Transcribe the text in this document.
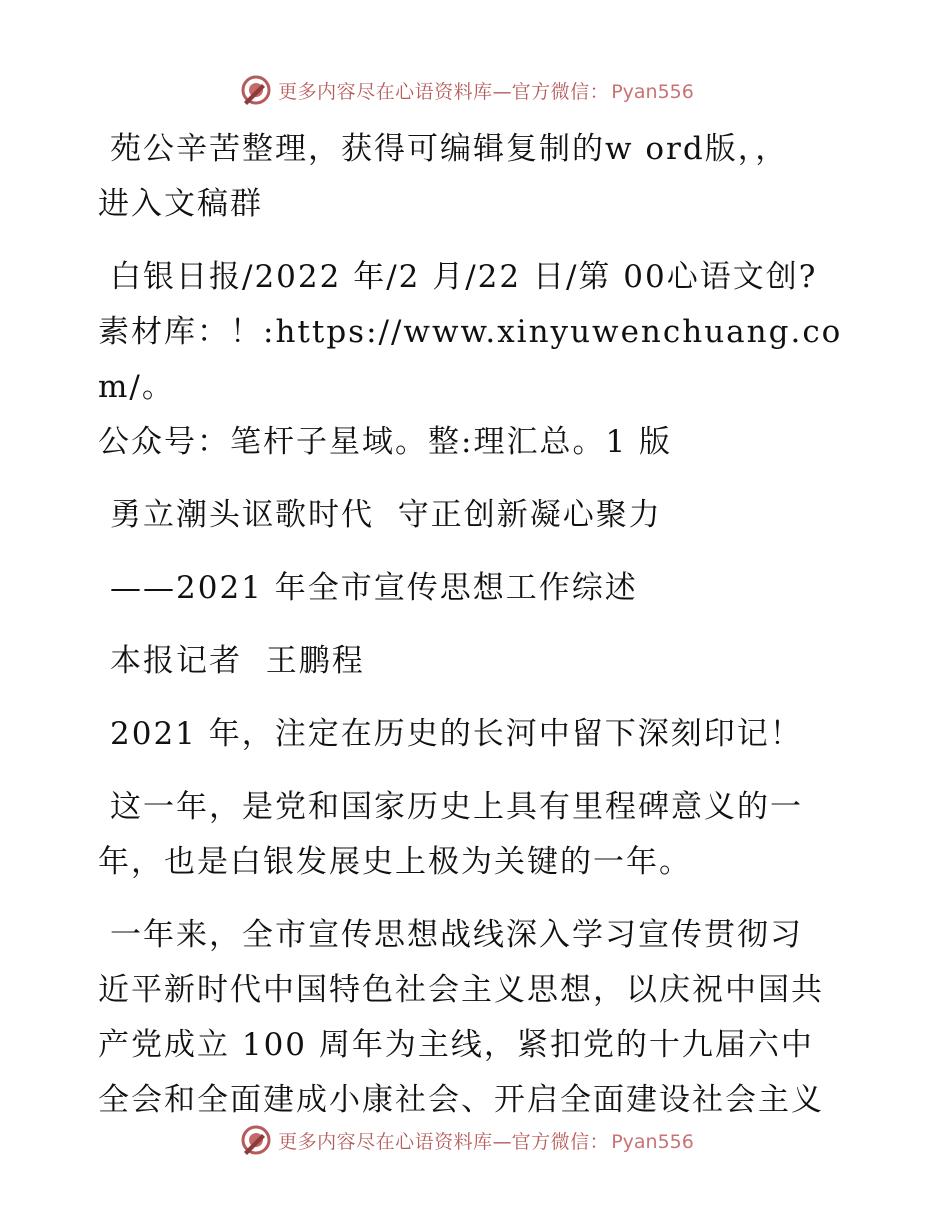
更多内容尽在心语资料库—官方微信： Pyan556
苑公辛苦整理，获得可编辑复制的w ord版，，
进入文稿群
白银日报/2022 年/2 月/22 日/第 00心语文创?
素材库：！:https://www.xinyuwenchuang.com/。
公众号：笔杆子星域。整:理汇总。1 版
勇立潮头讴歌时代  守正创新凝心聚力
——2021 年全市宣传思想工作综述
本报记者  王鹏程
2021 年，注定在历史的长河中留下深刻印记！
这一年，是党和国家历史上具有里程碑意义的一
年，也是白银发展史上极为关键的一年。
一年来，全市宣传思想战线深入学习宣传贯彻习
近平新时代中国特色社会主义思想，以庆祝中国共
产党成立 100 周年为主线，紧扣党的十九届六中
全会和全面建成小康社会、开启全面建设社会主义
更多内容尽在心语资料库—官方微信： Pyan556
